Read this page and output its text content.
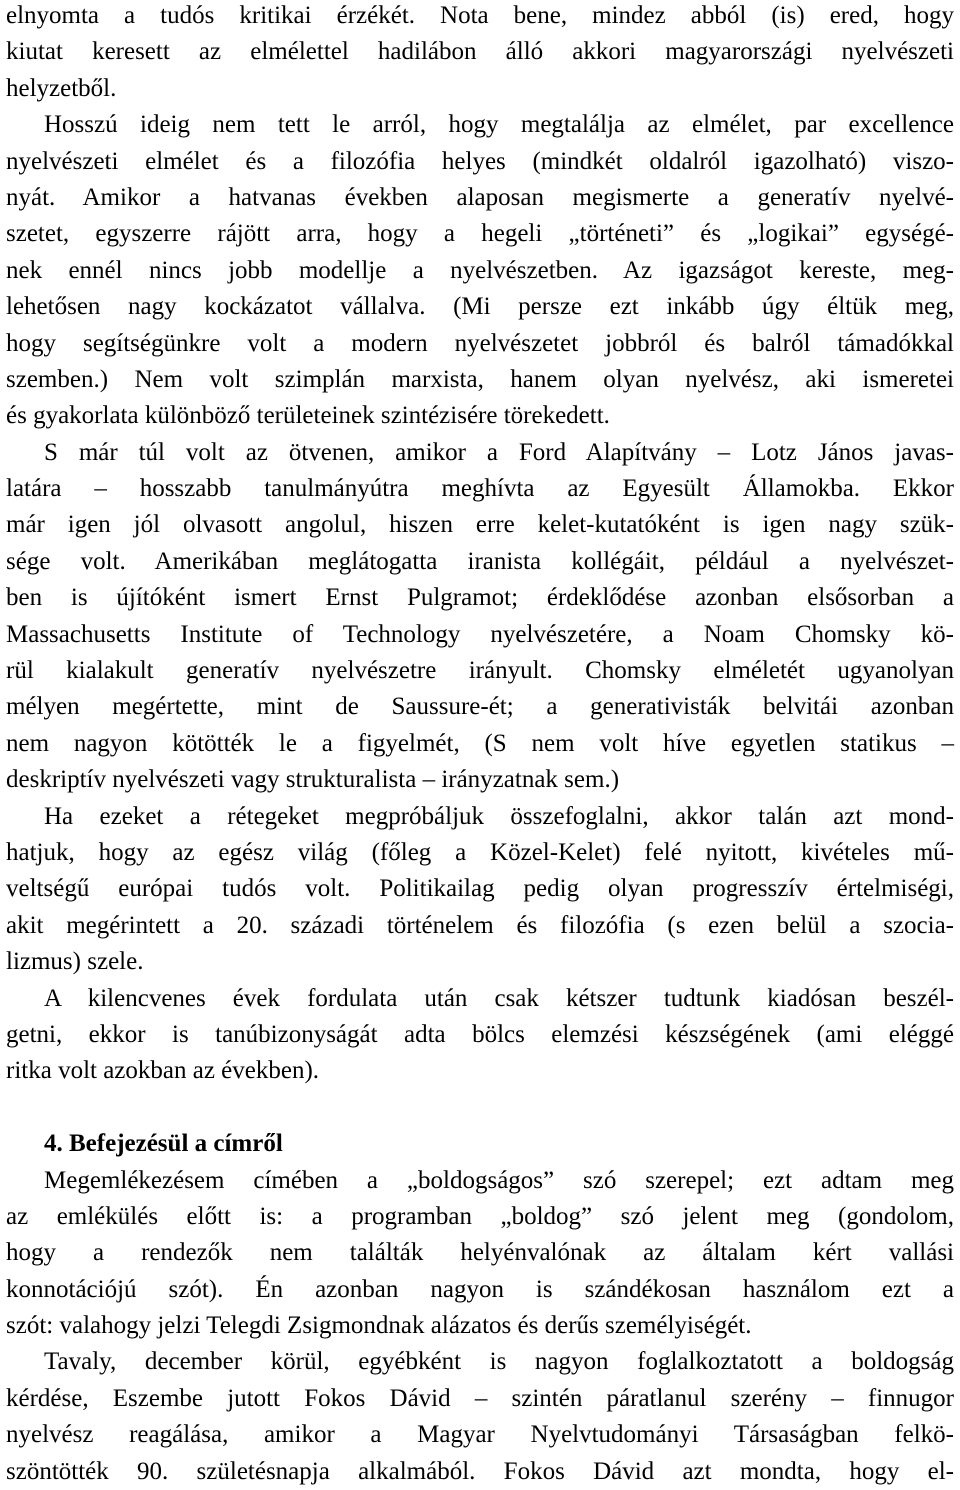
elnyomta a tudós kritikai érzékét. Nota bene, mindez abból (is) ered, hogy
kiutat keresett az elmélettel hadilábon álló akkori magyarországi nyelvészeti
helyzetből.
Hosszú ideig nem tett le arról, hogy megtalálja az elmélet, par excellence
nyelvészeti elmélet és a filozófia helyes (mindkét oldalról igazolható) viszo-
nyát. Amikor a hatvanas években alaposan megismerte a generatív nyelvé-
szetet, egyszerre rájött arra, hogy a hegeli „történeti” és „logikai” egységé-
nek ennél nincs jobb modellje a nyelvészetben. Az igazságot kereste, meg-
lehetősen nagy kockázatot vállalva. (Mi persze ezt inkább úgy éltük meg,
hogy segítségünkre volt a modern nyelvészetet jobbról és balról támadókkal
szemben.) Nem volt szimplán marxista, hanem olyan nyelvész, aki ismeretei
és gyakorlata különböző területeinek szintézisére törekedett.
S már túl volt az ötvenen, amikor a Ford Alapítvány – Lotz János javas-
latára – hosszabb tanulmányútra meghívta az Egyesült Államokba. Ekkor
már igen jól olvasott angolul, hiszen erre kelet-kutatóként is igen nagy szük-
sége volt. Amerikában meglátogatta iranista kollégáit, például a nyelvészet-
ben is újítóként ismert Ernst Pulgramot; érdeklődése azonban elsősorban a
Massachusetts Institute of Technology nyelvészetére, a Noam Chomsky kö-
rül kialakult generatív nyelvészetre irányult. Chomsky elméletét ugyanolyan
mélyen megértette, mint de Saussure-ét; a generativisták belvitái azonban
nem nagyon kötötték le a figyelmét, (S nem volt híve egyetlen statikus –
deskriptív nyelvészeti vagy strukturalista – irányzatnak sem.)
Ha ezeket a rétegeket megpróbáljuk összefoglalni, akkor talán azt mond-
hatjuk, hogy az egész világ (főleg a Közel-Kelet) felé nyitott, kivételes mű-
veltségű európai tudós volt. Politikailag pedig olyan progresszív értelmiségi,
akit megérintett a 20. századi történelem és filozófia (s ezen belül a szocia-
lizmus) szele.
A kilencvenes évek fordulata után csak kétszer tudtunk kiadósan beszél-
getni, ekkor is tanúbizonyságát adta bölcs elemzési készségének (ami eléggé
ritka volt azokban az években).
4. Befejezésül a címről
Megemlékezésem címében a „boldogságos” szó szerepel; ezt adtam meg
az emlékülés előtt is: a programban „boldog” szó jelent meg (gondolom,
hogy a rendezők nem találták helyénvalónak az általam kért vallási
konnotációjú szót). Én azonban nagyon is szándékosan használom ezt a
szót: valahogy jelzi Telegdi Zsigmondnak alázatos és derűs személyiségét.
Tavaly, december körül, egyébként is nagyon foglalkoztatott a boldogság
kérdése, Eszembe jutott Fokos Dávid – szintén páratlanul szerény – finnugor
nyelvész reagálása, amikor a Magyar Nyelvtudományi Társaságban felkö-
szöntötték 90. születésnapja alkalmából. Fokos Dávid azt mondta, hogy el-
